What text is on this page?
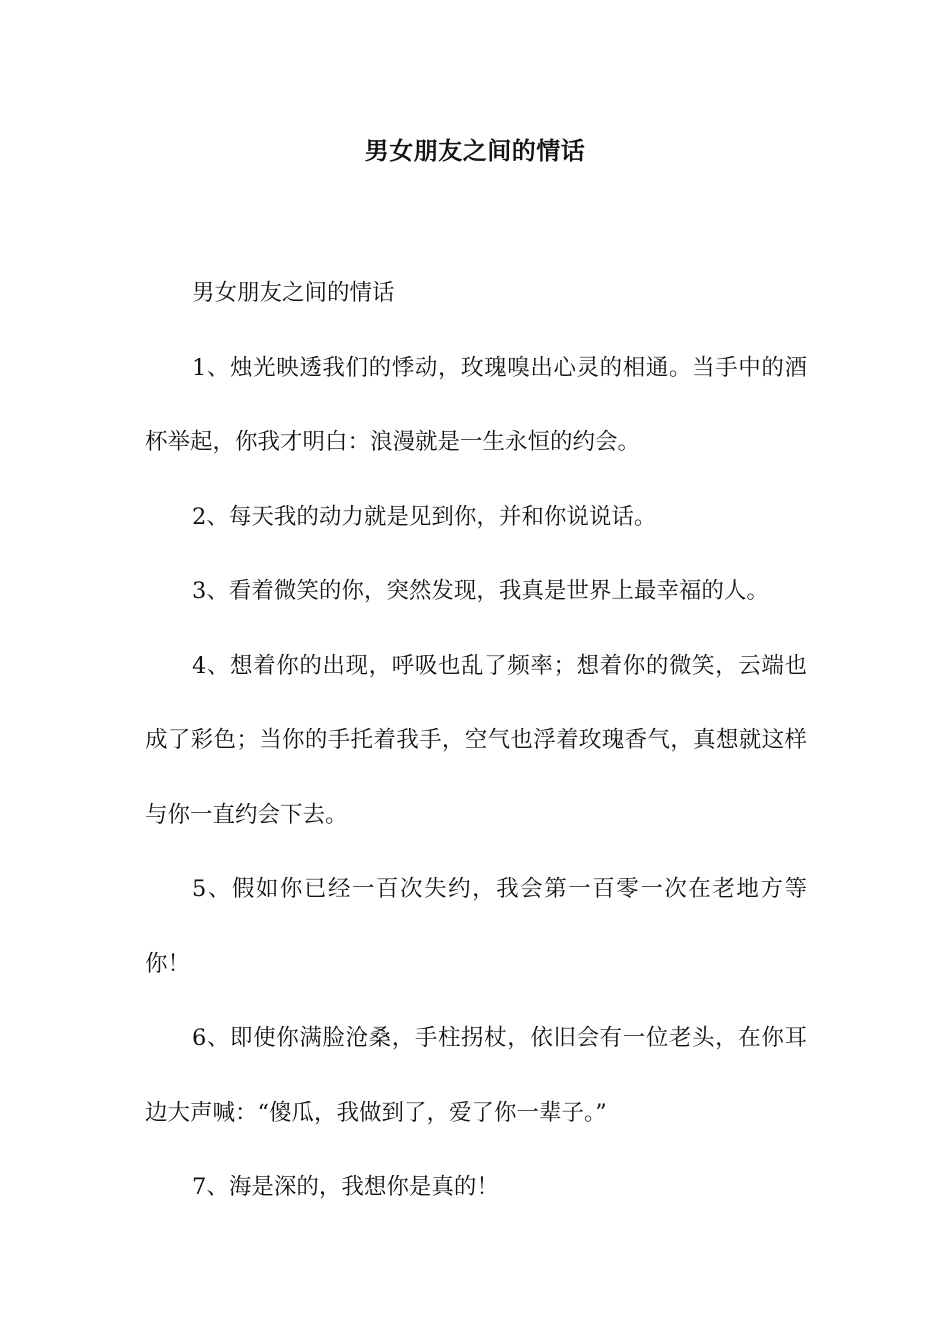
男女朋友之间的情话

男女朋友之间的情话

1、烛光映透我们的悸动，玫瑰嗅出心灵的相通。当手中的酒杯举起，你我才明白：浪漫就是一生永恒的约会。

2、每天我的动力就是见到你，并和你说说话。

3、看着微笑的你，突然发现，我真是世界上最幸福的人。

4、想着你的出现，呼吸也乱了频率；想着你的微笑，云端也成了彩色；当你的手托着我手，空气也浮着玫瑰香气，真想就这样与你一直约会下去。

5、假如你已经一百次失约，我会第一百零一次在老地方等你！

6、即使你满脸沧桑，手柱拐杖，依旧会有一位老头，在你耳边大声喊：“傻瓜，我做到了，爱了你一辈子。”

7、海是深的，我想你是真的！
